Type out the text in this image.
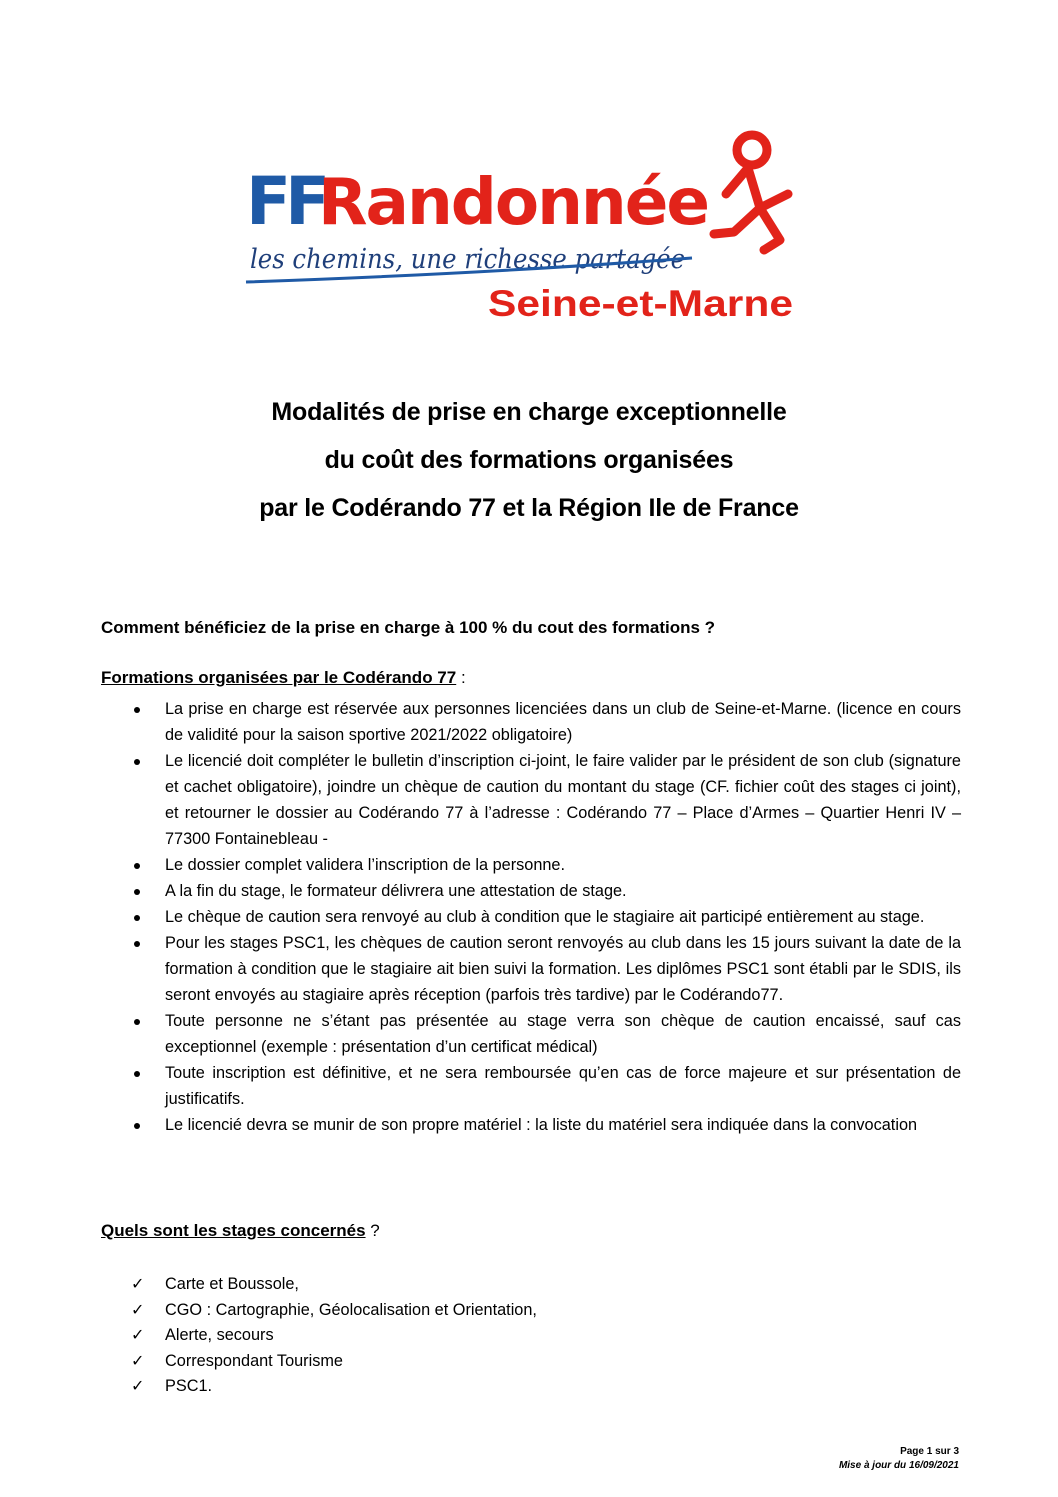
FF
Randonnée
les chemins, une richesse partagée
Seine-et-Marne
Modalités de prise en charge exceptionnelle
du coût des formations organisées
par le Codérando 77 et la Région Ile de France
Comment bénéficiez de la prise en charge à 100 % du cout des formations ?
Formations organisées par le Codérando 77 :
La prise en charge est réservée aux personnes licenciées dans un club de Seine-et-Marne. (licence en cours de validité pour la saison sportive 2021/2022 obligatoire)
Le licencié doit compléter le bulletin d’inscription ci-joint, le faire valider par le président de son club (signature et cachet obligatoire), joindre un chèque de caution du montant du stage (CF. fichier coût des stages ci joint), et retourner le dossier au Codérando 77 à l’adresse : Codérando 77 – Place d’Armes – Quartier Henri IV – 77300 Fontainebleau -
Le dossier complet validera l’inscription de la personne.
A la fin du stage, le formateur délivrera une attestation de stage.
Le chèque de caution sera renvoyé au club à condition que le stagiaire ait participé entièrement au stage.
Pour les stages PSC1, les chèques de caution seront renvoyés au club dans les 15 jours suivant la date de la formation à condition que le stagiaire ait bien suivi la formation. Les diplômes PSC1 sont établi par le SDIS, ils seront envoyés au stagiaire après réception (parfois très tardive) par le Codérando77.
Toute personne ne s’étant pas présentée au stage verra son chèque de caution encaissé, sauf cas exceptionnel (exemple : présentation d’un certificat médical)
Toute inscription est définitive, et ne sera remboursée qu’en cas de force majeure et sur présentation de justificatifs.
Le licencié devra se munir de son propre matériel : la liste du matériel sera indiquée dans la convocation
Quels sont les stages concernés ?
✓ Carte et Boussole,
✓ CGO : Cartographie, Géolocalisation et Orientation,
✓ Alerte, secours
✓ Correspondant Tourisme
✓ PSC1.
Page 1 sur 3
Mise à jour du 16/09/2021
